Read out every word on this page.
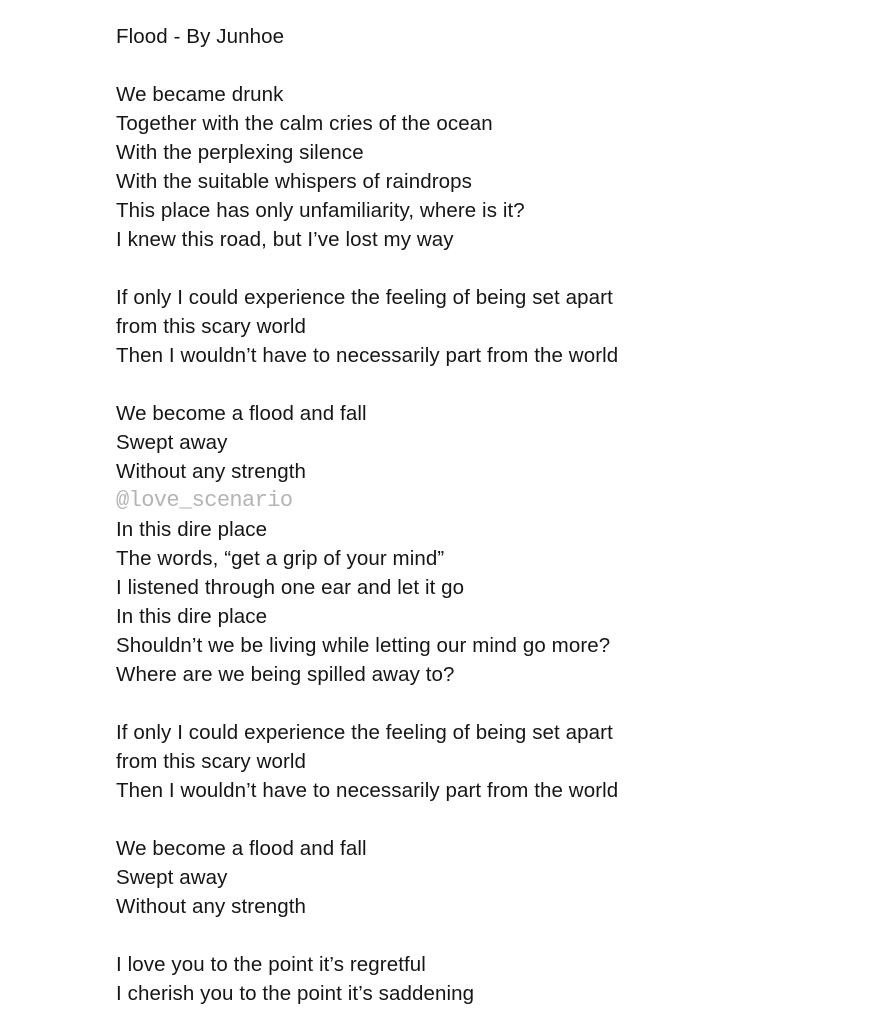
Flood - By Junhoe
We became drunk
Together with the calm cries of the ocean
With the perplexing silence
With the suitable whispers of raindrops
This place has only unfamiliarity, where is it?
I knew this road, but I’ve lost my way
If only I could experience the feeling of being set apart
from this scary world
Then I wouldn’t have to necessarily part from the world
We become a flood and fall
Swept away
Without any strength
@love_scenario
In this dire place
The words, “get a grip of your mind”
I listened through one ear and let it go
In this dire place
Shouldn’t we be living while letting our mind go more?
Where are we being spilled away to?
If only I could experience the feeling of being set apart
from this scary world
Then I wouldn’t have to necessarily part from the world
We become a flood and fall
Swept away
Without any strength
I love you to the point it’s regretful
I cherish you to the point it’s saddening
